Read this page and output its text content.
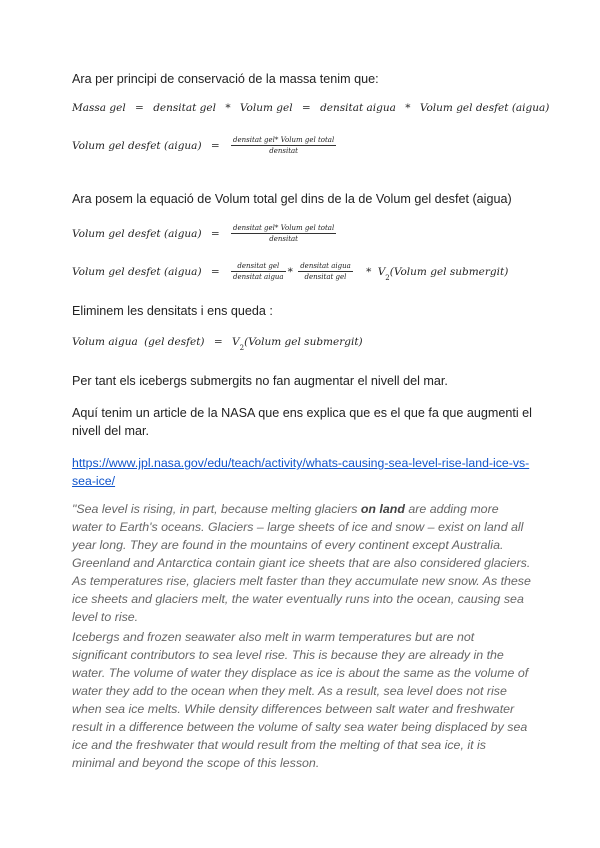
Ara per principi de conservació de la massa tenim que:

Massa gel = densitat gel * Volum gel = densitat aigua * Volum gel desfet (aigua)
Volum gel desfet (aigua) = $\frac{\text{densitat gel* Volum gel total}}{\text{densitat}}$

Ara posem la equació de Volum total gel dins de la de Volum gel desfet (aigua)

Volum gel desfet (aigua) = $\frac{\text{densitat gel* Volum gel total}}{\text{densitat}}$
Volum gel desfet (aigua) = $\frac{\text{densitat gel}}{\text{densitat aigua}} * \frac{\text{densitat aigua}}{\text{densitat gel}}$ * $V_2(Volum$ gel submergit)

Eliminem les densitats i ens queda :

Volum aigua (gel desfet) = $V_2(Volum$ gel submergit)

Per tant els icebergs submergits no fan augmentar el nivell del mar.

Aquí tenim un article de la NASA que ens explica que es el que fa que augmenti el nivell del mar.

https://www.jpl.nasa.gov/edu/teach/activity/whats-causing-sea-level-rise-land-ice-vs-sea-ice/

"Sea level is rising, in part, because melting glaciers on land are adding more water to Earth's oceans. Glaciers – large sheets of ice and snow – exist on land all year long. They are found in the mountains of every continent except Australia. Greenland and Antarctica contain giant ice sheets that are also considered glaciers. As temperatures rise, glaciers melt faster than they accumulate new snow. As these ice sheets and glaciers melt, the water eventually runs into the ocean, causing sea level to rise.

Icebergs and frozen seawater also melt in warm temperatures but are not significant contributors to sea level rise. This is because they are already in the water. The volume of water they displace as ice is about the same as the volume of water they add to the ocean when they melt. As a result, sea level does not rise when sea ice melts. While density differences between salt water and freshwater result in a difference between the volume of salty sea water being displaced by sea ice and the freshwater that would result from the melting of that sea ice, it is minimal and beyond the scope of this lesson.
